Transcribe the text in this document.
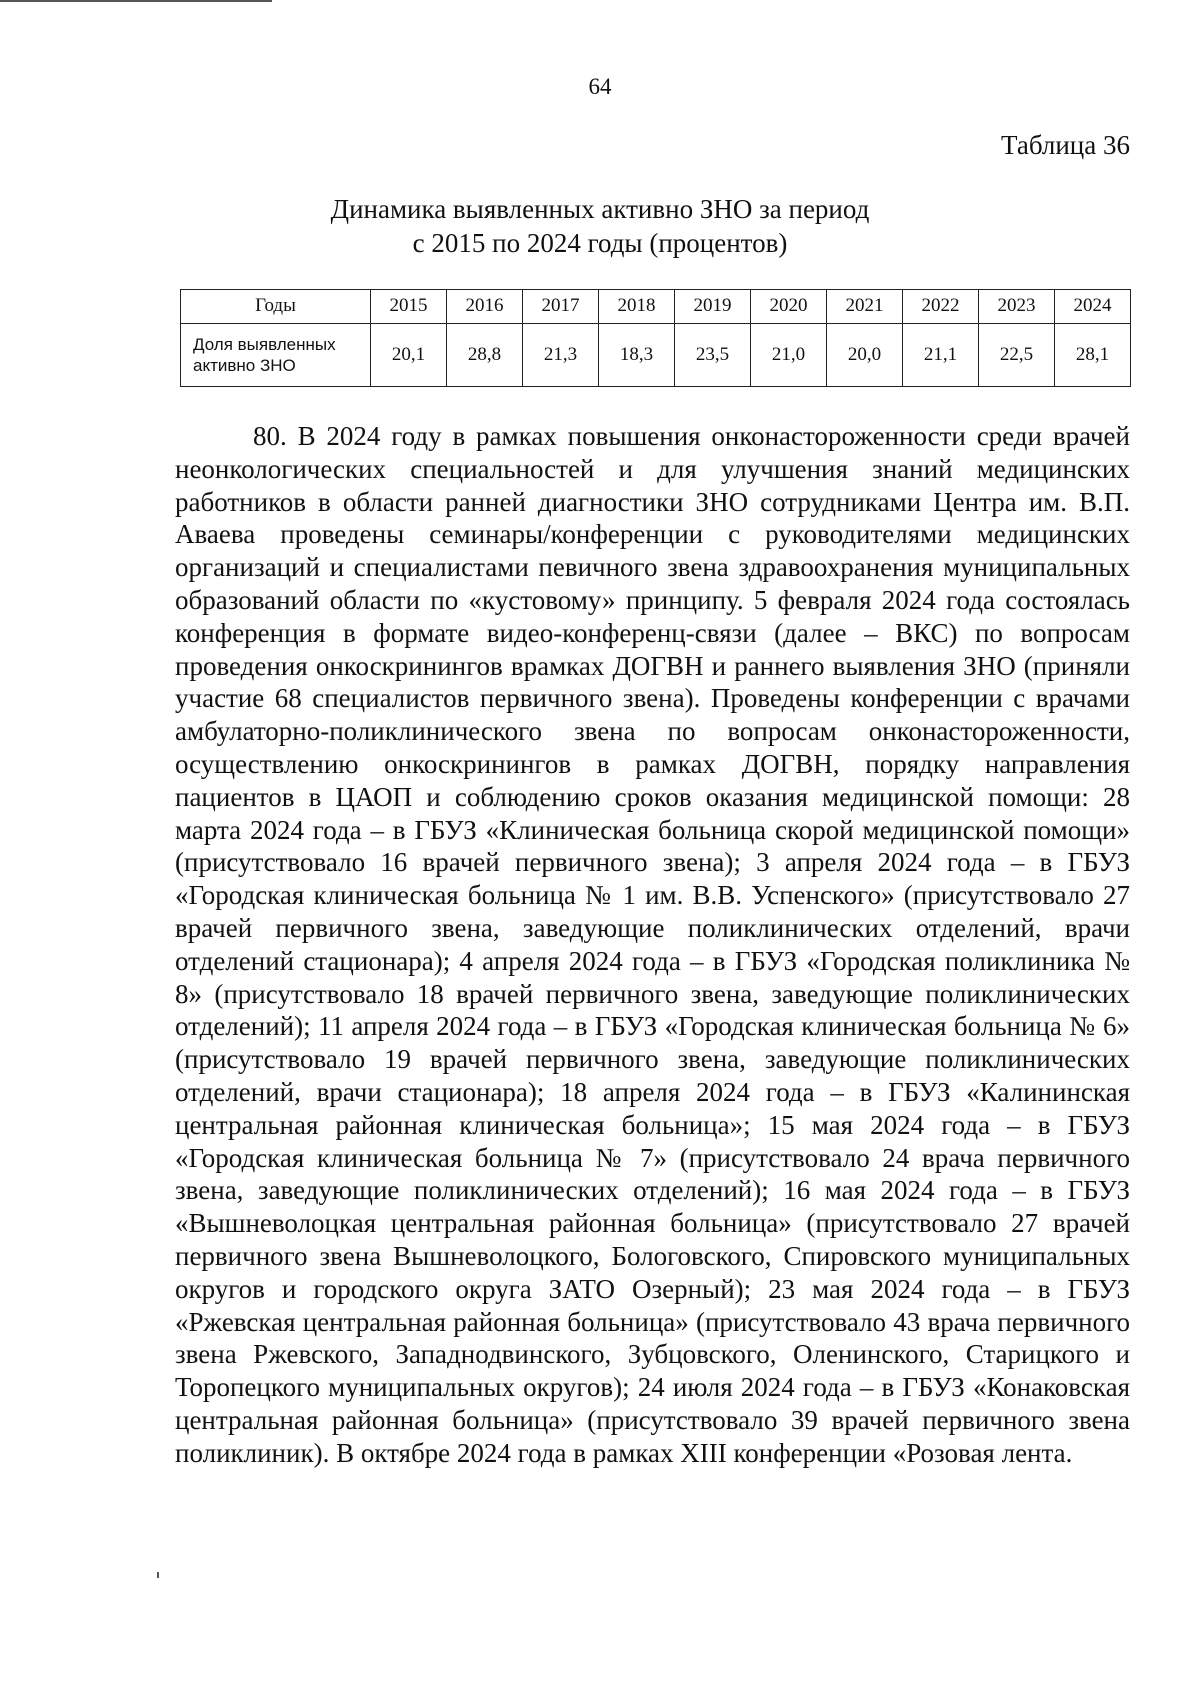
64
Таблица 36
Динамика выявленных активно ЗНО за период
с 2015 по 2024 годы (процентов)
Годы	2015	2016	2017	2018	2019	2020	2021	2022	2023	2024

Доля выявленных
активно ЗНО	20,1	28,8	21,3	18,3	23,5	21,0	20,0	21,1	22,5	28,1
80. В 2024 году в рамках повышения онконастороженности среди врачей неонкологических специальностей и для улучшения знаний медицинских работников в области ранней диагностики ЗНО сотрудниками Центра им. В.П. Аваева проведены семинары/конференции с руководителями медицинских организаций и специалистами певичного звена здравоохранения муниципальных образований области по «кустовому» принципу. 5 февраля 2024 года состоялась конференция в формате видео-конференц-связи (далее – ВКС) по вопросам проведения онкоскринингов врамках ДОГВН и раннего выявления ЗНО (приняли участие 68 специалистов первичного звена). Проведены конференции с врачами амбулаторно-поликлинического звена по вопросам онконастороженности, осуществлению онкоскринингов в рамках ДОГВН, порядку направления пациентов в ЦАОП и соблюдению сроков оказания медицинской помощи: 28 марта 2024 года – в ГБУЗ «Клиническая больница скорой медицинской помощи» (присутствовало 16 врачей первичного звена); 3 апреля 2024 года – в ГБУЗ «Городская клиническая больница № 1 им. В.В. Успенского» (присутствовало 27 врачей первичного звена, заведующие поликлинических отделений, врачи отделений стационара); 4 апреля 2024 года – в ГБУЗ «Городская поликлиника № 8» (присутствовало 18 врачей первичного звена, заведующие поликлинических отделений); 11 апреля 2024 года – в ГБУЗ «Городская клиническая больница № 6» (присутствовало 19 врачей первичного звена, заведующие поликлинических отделений, врачи стационара); 18 апреля 2024 года – в ГБУЗ «Калининская центральная районная клиническая больница»; 15 мая 2024 года – в ГБУЗ «Городская клиническая больница № 7» (присутствовало 24 врача первичного звена, заведующие поликлинических отделений); 16 мая 2024 года – в ГБУЗ «Вышневолоцкая центральная районная больница» (присутствовало 27 врачей первичного звена Вышневолоцкого, Бологовского, Спировского муниципальных округов и городского округа ЗАТО Озерный); 23 мая 2024 года – в ГБУЗ «Ржевская центральная районная больница» (присутствовало 43 врача первичного звена Ржевского, Западнодвинского, Зубцовского, Оленинского, Старицкого и Торопецкого муниципальных округов); 24 июля 2024 года – в ГБУЗ «Конаковская центральная районная больница» (присутствовало 39 врачей первичного звена поликлиник). В октябре 2024 года в рамках XIII конференции «Розовая лента.
